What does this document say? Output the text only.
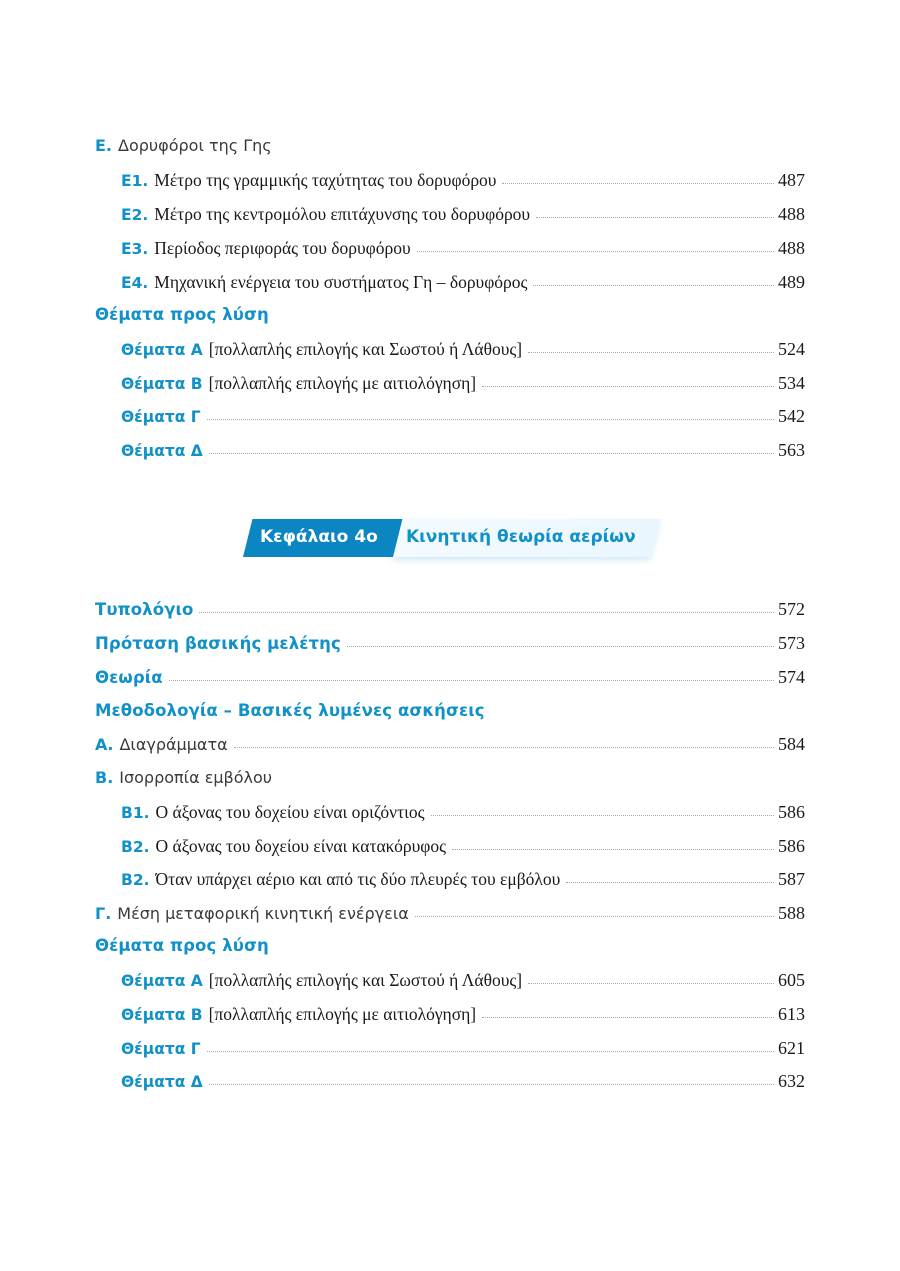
Ε. Δορυφόροι της Γης
Ε1. Μέτρο της γραμμικής ταχύτητας του δορυφόρου	487
Ε2. Μέτρο της κεντρομόλου επιτάχυνσης του δορυφόρου	488
Ε3. Περίοδος περιφοράς του δορυφόρου	488
Ε4. Μηχανική ενέργεια του συστήματος Γη – δορυφόρος	489
Θέματα προς λύση
Θέματα Α [πολλαπλής επιλογής και Σωστού ή Λάθους]	524
Θέματα Β [πολλαπλής επιλογής με αιτιολόγηση]	534
Θέματα Γ	542
Θέματα Δ	563
Κεφάλαιο 4ο Κινητική θεωρία αερίων
Τυπολόγιο	572
Πρόταση βασικής μελέτης	573
Θεωρία	574
Μεθοδολογία – Βασικές λυμένες ασκήσεις
Α. Διαγράμματα	584
Β. Ισορροπία εμβόλου
Β1. Ο άξονας του δοχείου είναι οριζόντιος	586
Β2. Ο άξονας του δοχείου είναι κατακόρυφος	586
Β2. Όταν υπάρχει αέριο και από τις δύο πλευρές του εμβόλου	587
Γ. Μέση μεταφορική κινητική ενέργεια	588
Θέματα προς λύση
Θέματα Α [πολλαπλής επιλογής και Σωστού ή Λάθους]	605
Θέματα Β [πολλαπλής επιλογής με αιτιολόγηση]	613
Θέματα Γ	621
Θέματα Δ	632
